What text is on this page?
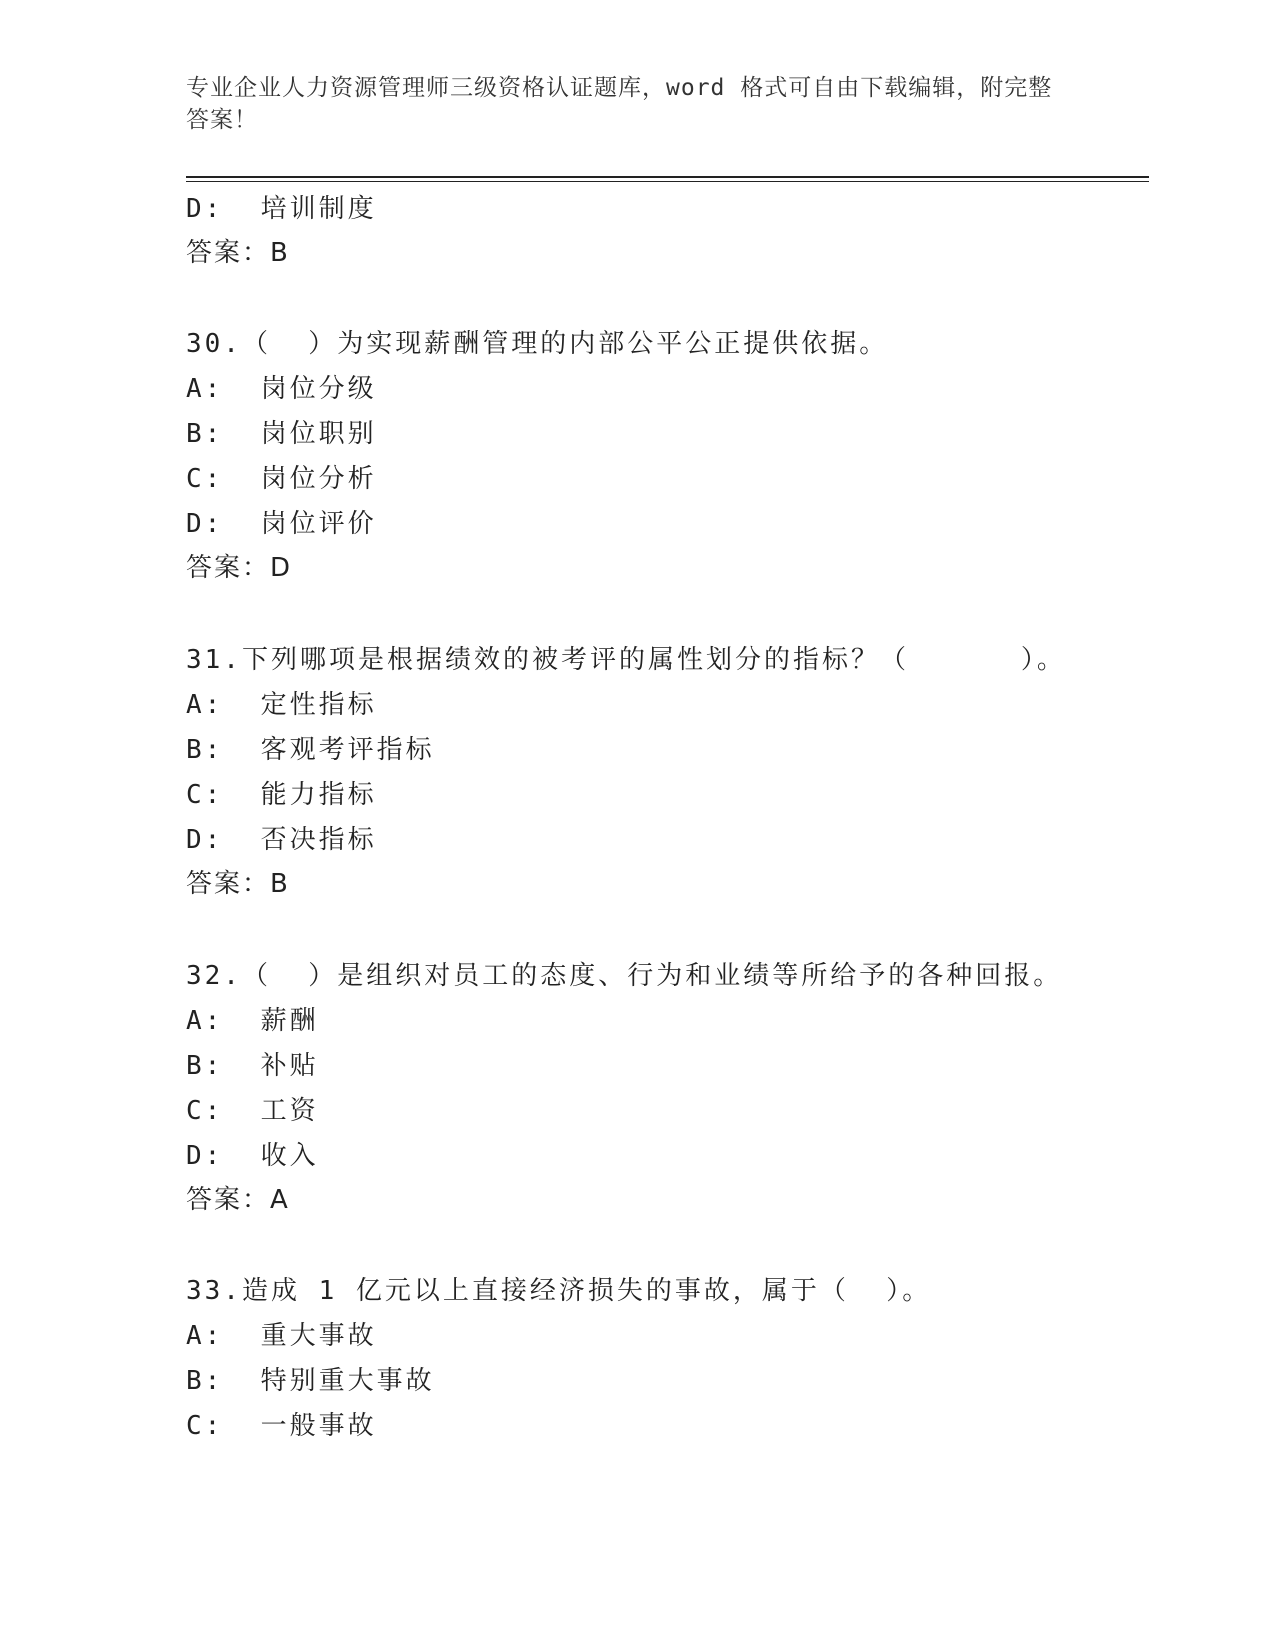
专业企业人力资源管理师三级资格认证题库，word 格式可自由下载编辑，附完整答案！
D:  培训制度
答案：B
30.（  ）为实现薪酬管理的内部公平公正提供依据。
A:  岗位分级
B:  岗位职别
C:  岗位分析
D:  岗位评价
答案：D
31.下列哪项是根据绩效的被考评的属性划分的指标？（      ）。
A:  定性指标
B:  客观考评指标
C:  能力指标
D:  否决指标
答案：B
32.（  ）是组织对员工的态度、行为和业绩等所给予的各种回报。
A:  薪酬
B:  补贴
C:  工资
D:  收入
答案：A
33.造成 1 亿元以上直接经济损失的事故，属于（  ）。
A:  重大事故
B:  特别重大事故
C:  一般事故
